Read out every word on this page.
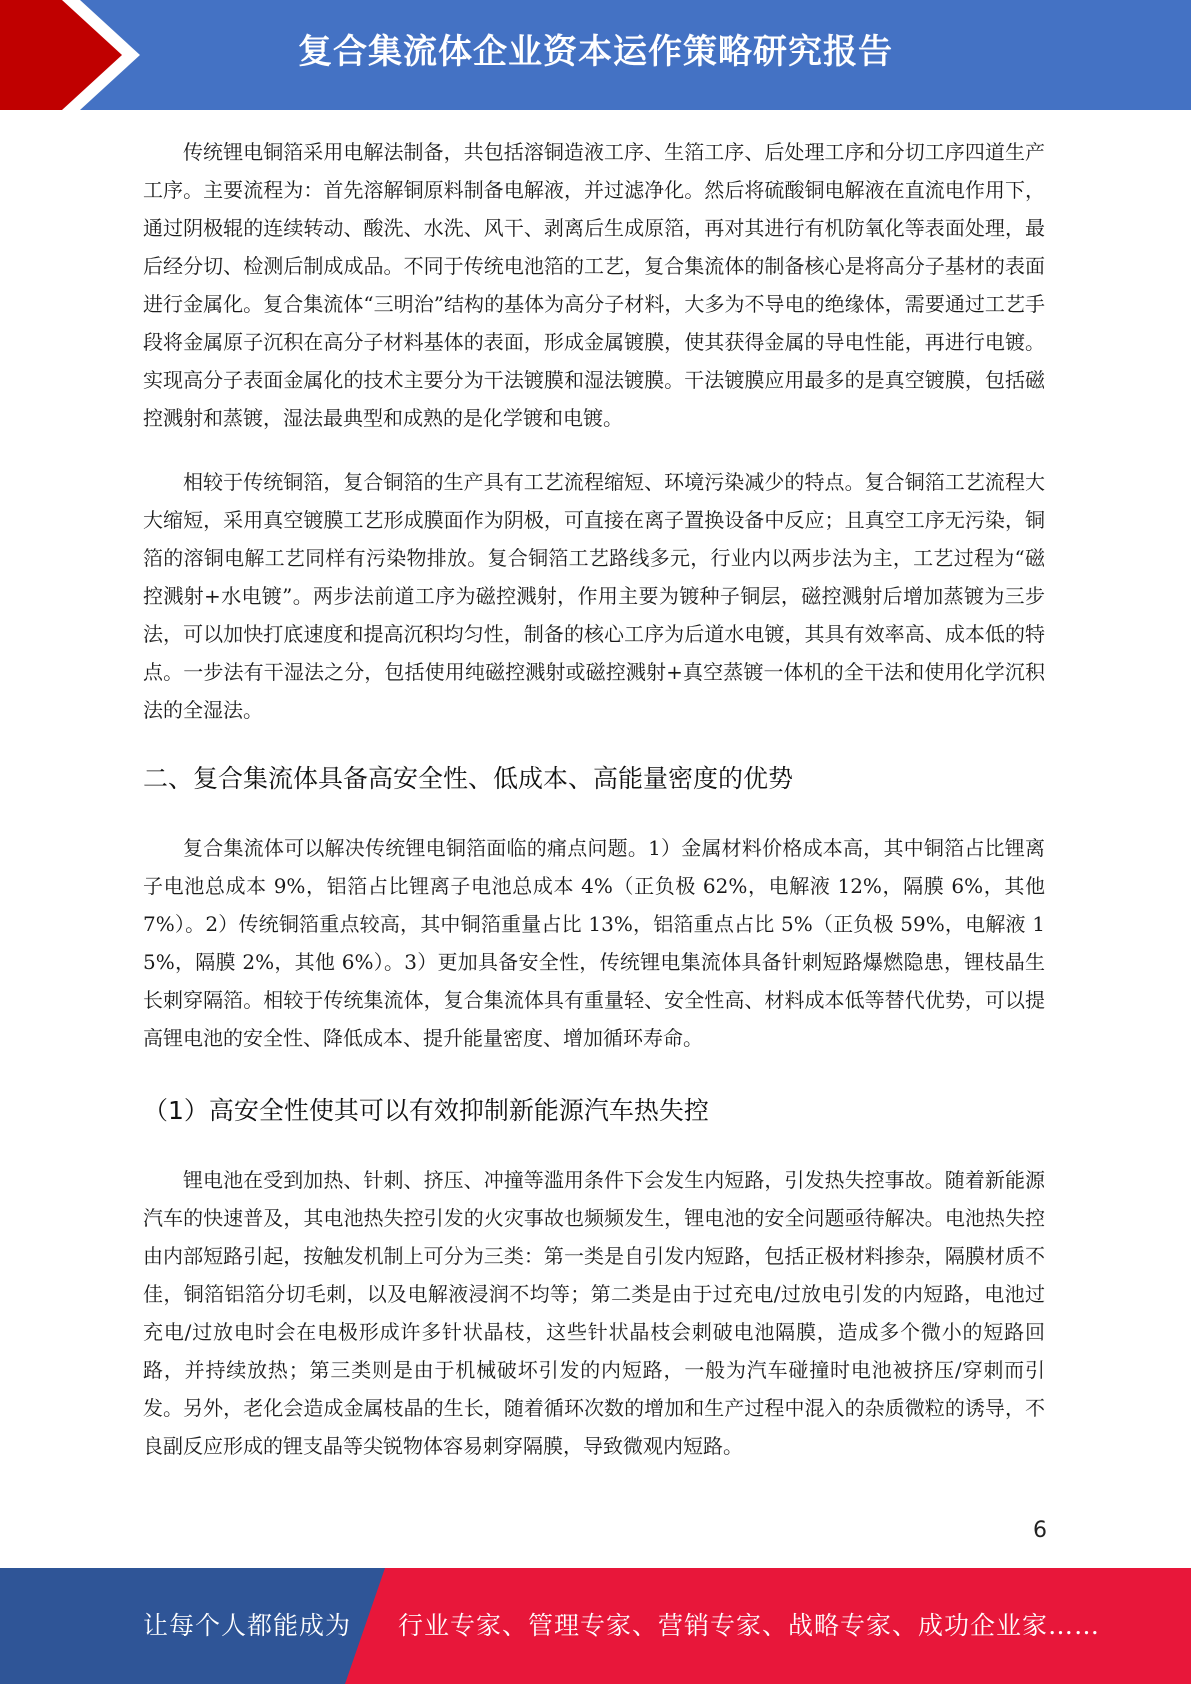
复合集流体企业资本运作策略研究报告

传统锂电铜箔采用电解法制备，共包括溶铜造液工序、生箔工序、后处理工序和分切工序四道生产工序。主要流程为：首先溶解铜原料制备电解液，并过滤净化。然后将硫酸铜电解液在直流电作用下，通过阴极辊的连续转动、酸洗、水洗、风干、剥离后生成原箔，再对其进行有机防氧化等表面处理，最后经分切、检测后制成成品。不同于传统电池箔的工艺，复合集流体的制备核心是将高分子基材的表面进行金属化。复合集流体“三明治”结构的基体为高分子材料，大多为不导电的绝缘体，需要通过工艺手段将金属原子沉积在高分子材料基体的表面，形成金属镀膜，使其获得金属的导电性能，再进行电镀。实现高分子表面金属化的技术主要分为干法镀膜和湿法镀膜。干法镀膜应用最多的是真空镀膜，包括磁控溅射和蒸镀，湿法最典型和成熟的是化学镀和电镀。

相较于传统铜箔，复合铜箔的生产具有工艺流程缩短、环境污染减少的特点。复合铜箔工艺流程大大缩短，采用真空镀膜工艺形成膜面作为阴极，可直接在离子置换设备中反应；且真空工序无污染，铜箔的溶铜电解工艺同样有污染物排放。复合铜箔工艺路线多元，行业内以两步法为主，工艺过程为“磁控溅射+水电镀”。两步法前道工序为磁控溅射，作用主要为镀种子铜层，磁控溅射后增加蒸镀为三步法，可以加快打底速度和提高沉积均匀性，制备的核心工序为后道水电镀，其具有效率高、成本低的特点。一步法有干湿法之分，包括使用纯磁控溅射或磁控溅射+真空蒸镀一体机的全干法和使用化学沉积法的全湿法。

二、复合集流体具备高安全性、低成本、高能量密度的优势

复合集流体可以解决传统锂电铜箔面临的痛点问题。1）金属材料价格成本高，其中铜箔占比锂离子电池总成本 9%，铝箔占比锂离子电池总成本 4%（正负极 62%，电解液 12%，隔膜 6%，其他 7%）。2）传统铜箔重点较高，其中铜箔重量占比 13%，铝箔重点占比 5%（正负极 59%，电解液 15%，隔膜 2%，其他 6%）。3）更加具备安全性，传统锂电集流体具备针刺短路爆燃隐患，锂枝晶生长刺穿隔箔。相较于传统集流体，复合集流体具有重量轻、安全性高、材料成本低等替代优势，可以提高锂电池的安全性、降低成本、提升能量密度、增加循环寿命。

（1）高安全性使其可以有效抑制新能源汽车热失控

锂电池在受到加热、针刺、挤压、冲撞等滥用条件下会发生内短路，引发热失控事故。随着新能源汽车的快速普及，其电池热失控引发的火灾事故也频频发生，锂电池的安全问题亟待解决。电池热失控由内部短路引起，按触发机制上可分为三类：第一类是自引发内短路，包括正极材料掺杂，隔膜材质不佳，铜箔铝箔分切毛刺，以及电解液浸润不均等；第二类是由于过充电/过放电引发的内短路，电池过充电/过放电时会在电极形成许多针状晶枝，这些针状晶枝会刺破电池隔膜，造成多个微小的短路回路，并持续放热；第三类则是由于机械破坏引发的内短路，一般为汽车碰撞时电池被挤压/穿刺而引发。另外，老化会造成金属枝晶的生长，随着循环次数的增加和生产过程中混入的杂质微粒的诱导，不良副反应形成的锂支晶等尖锐物体容易刺穿隔膜，导致微观内短路。

6
让每个人都能成为 行业专家、管理专家、营销专家、战略专家、成功企业家……
